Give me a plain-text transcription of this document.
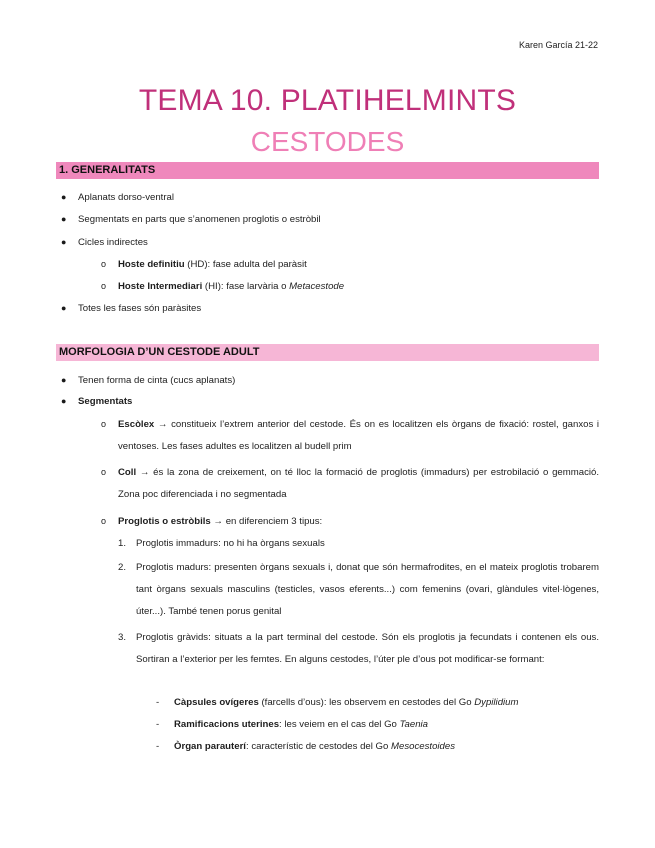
Karen García 21-22
TEMA 10. PLATIHELMINTS
CESTODES
1. GENERALITATS
● Aplanats dorso-ventral
● Segmentats en parts que s’anomenen proglotis o estròbil
● Cicles indirectes
o Hoste definitiu (HD): fase adulta del paràsit
o Hoste Intermediari (HI): fase larvària o Metacestode
● Totes les fases són paràsites
MORFOLOGIA D’UN CESTODE ADULT
● Tenen forma de cinta (cucs aplanats)
● Segmentats
o Escòlex → constitueix l’extrem anterior del cestode. És on es localitzen els òrgans de fixació: rostel, ganxos i ventoses. Les fases adultes es localitzen al budell prim
o Coll → és la zona de creixement, on té lloc la formació de proglotis (immadurs) per estrobilació o gemmació. Zona poc diferenciada i no segmentada
o Proglotis o estròbils → en diferenciem 3 tipus:
1. Proglotis immadurs: no hi ha òrgans sexuals
2. Proglotis madurs: presenten òrgans sexuals i, donat que són hermafrodites, en el mateix proglotis trobarem tant òrgans sexuals masculins (testicles, vasos eferents...) com femenins (ovari, glàndules vitel·lògenes, úter...). També tenen porus genital
3. Proglotis gràvids: situats a la part terminal del cestode. Són els proglotis ja fecundats i contenen els ous. Sortiran a l’exterior per les femtes. En alguns cestodes, l’úter ple d’ous pot modificar-se formant:
- Càpsules ovígeres (farcells d’ous): les observem en cestodes del Go Dypilidium
- Ramificacions uterines: les veiem en el cas del Go Taenia
- Òrgan parauterí: característic de cestodes del Go Mesocestoides
